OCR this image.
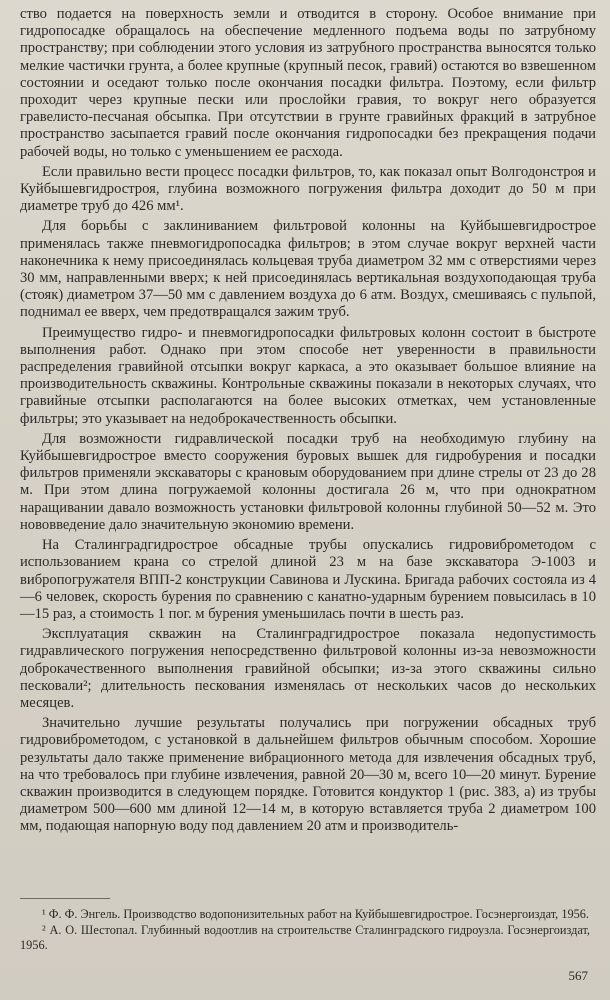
ство подается на поверхность земли и отводится в сторону. Особое внимание при гидропосадке обращалось на обеспечение медленного подъема воды по затрубному пространству; при соблюдении этого условия из затрубного пространства выносятся только мелкие частички грунта, а более крупные (крупный песок, гравий) остаются во взвешенном состоянии и оседают только после окончания посадки фильтра. Поэтому, если фильтр проходит через крупные пески или прослойки гравия, то вокруг него образуется гравелисто-песчаная обсыпка. При отсутствии в грунте гравийных фракций в затрубное пространство засыпается гравий после окончания гидропосадки без прекращения подачи рабочей воды, но только с уменьшением ее расхода.

Если правильно вести процесс посадки фильтров, то, как показал опыт Волгодонстроя и Куйбышевгидростроя, глубина возможного погружения фильтра доходит до 50 м при диаметре труб до 426 мм¹.

Для борьбы с заклиниванием фильтровой колонны на Куйбышевгидрострое применялась также пневмогидропосадка фильтров; в этом случае вокруг верхней части наконечника к нему присоединялась кольцевая труба диаметром 32 мм с отверстиями через 30 мм, направленными вверх; к ней присоединялась вертикальная воздухоподающая труба (стояк) диаметром 37—50 мм с давлением воздуха до 6 атм. Воздух, смешиваясь с пульпой, поднимал ее вверх, чем предотвращался зажим труб.

Преимущество гидро- и пневмогидропосадки фильтровых колонн состоит в быстроте выполнения работ. Однако при этом способе нет уверенности в правильности распределения гравийной отсыпки вокруг каркаса, а это оказывает большое влияние на производительность скважины. Контрольные скважины показали в некоторых случаях, что гравийные отсыпки располагаются на более высоких отметках, чем установленные фильтры; это указывает на недоброкачественность обсыпки.

Для возможности гидравлической посадки труб на необходимую глубину на Куйбышевгидрострое вместо сооружения буровых вышек для гидробурения и посадки фильтров применяли экскаваторы с крановым оборудованием при длине стрелы от 23 до 28 м. При этом длина погружаемой колонны достигала 26 м, что при однократном наращивании давало возможность установки фильтровой колонны глубиной 50—52 м. Это нововведение дало значительную экономию времени.

На Сталинградгидрострое обсадные трубы опускались гидровиброметодом с использованием крана со стрелой длиной 23 м на базе экскаватора Э-1003 и вибропогружателя ВПП-2 конструкции Савинова и Лускина. Бригада рабочих состояла из 4—6 человек, скорость бурения по сравнению с канатно-ударным бурением повысилась в 10—15 раз, а стоимость 1 пог. м бурения уменьшилась почти в шесть раз.

Эксплуатация скважин на Сталинградгидрострое показала недопустимость гидравлического погружения непосредственно фильтровой колонны из-за невозможности доброкачественного выполнения гравийной обсыпки; из-за этого скважины сильно песковали²; длительность пескования изменялась от нескольких часов до нескольких месяцев.

Значительно лучшие результаты получались при погружении обсадных труб гидровиброметодом, с установкой в дальнейшем фильтров обычным способом. Хорошие результаты дало также применение вибрационного метода для извлечения обсадных труб, на что требовалось при глубине извлечения, равной 20—30 м, всего 10—20 минут. Бурение скважин производится в следующем порядке. Готовится кондуктор 1 (рис. 383, а) из трубы диаметром 500—600 мм длиной 12—14 м, в которую вставляется труба 2 диаметром 100 мм, подающая напорную воду под давлением 20 атм и производитель-

¹ Ф. Ф. Энгель. Производство водопонизительных работ на Куйбышевгидрострое. Госэнергоиздат, 1956.

² А. О. Шестопал. Глубинный водоотлив на строительстве Сталинградского гидроузла. Госэнергоиздат, 1956.

567
